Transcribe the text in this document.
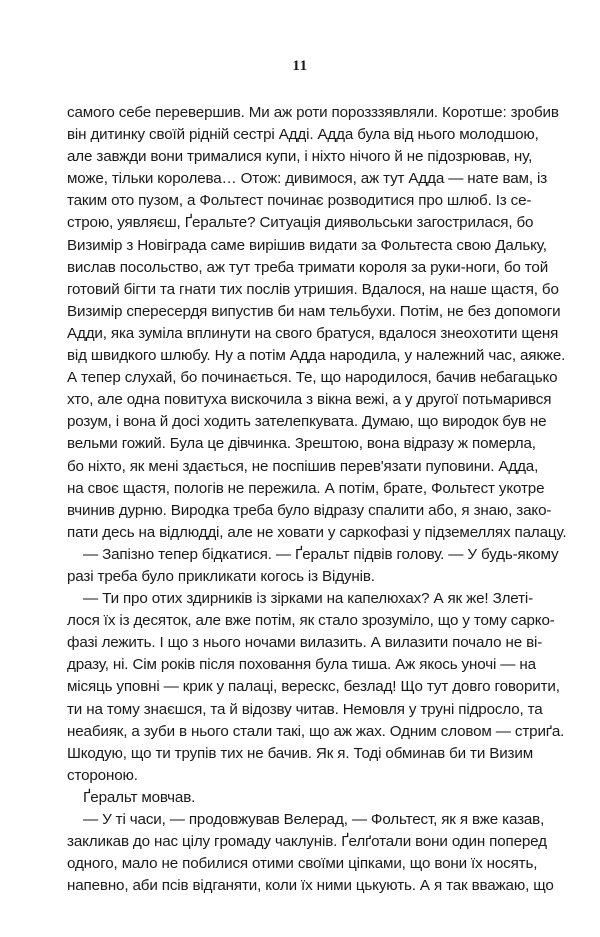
11
самого себе перевершив. Ми аж роти порозззявляли. Коротше: зробив
він дитинку своїй рідній сестрі Адді. Адда була від нього молодшою,
але завжди вони трималися купи, і ніхто нічого й не підозрював, ну,
може, тільки королева… Отож: дивимося, аж тут Адда — нате вам, із
таким ото пузом, а Фольтест починає розводитися про шлюб. Із се-
строю, уявляєш, Ґеральте? Ситуація диявольськи загострилася, бо
Визимір з Новіграда саме вирішив видати за Фольтеста свою Дальку,
вислав посольство, аж тут треба тримати короля за руки-ноги, бо той
готовий бігти та гнати тих послів утришия. Вдалося, на наше щастя, бо
Визимір спересердя випустив би нам тельбухи. Потім, не без допомоги
Адди, яка зуміла вплинути на свого братуся, вдалося знеохотити щеня
від швидкого шлюбу. Ну а потім Адда народила, у належний час, аякже.
А тепер слухай, бо починається. Те, що народилося, бачив небагацько
хто, але одна повитуха вискочила з вікна вежі, а у другої потьмарився
розум, і вона й досі ходить зателепкувата. Думаю, що виродок був не
вельми гожий. Була це дівчинка. Зрештою, вона відразу ж померла,
бо ніхто, як мені здається, не поспішив перев'язати пуповини. Адда,
на своє щастя, пологів не пережила. А потім, брате, Фольтест укотре
вчинив дурню. Виродка треба було відразу спалити або, я знаю, зако-
пати десь на відлюдді, але не ховати у саркофазі у підземеллях палацу.
— Запізно тепер бідкатися. — Ґеральт підвів голову. — У будь-якому
разі треба було прикликати когось із Відунів.
— Ти про отих здирників із зірками на капелюхах? А як же! Злеті-
лося їх із десяток, але вже потім, як стало зрозуміло, що у тому сарко-
фазі лежить. І що з нього ночами вилазить. А вилазити почало не ві-
дразу, ні. Сім років після поховання була тиша. Аж якось уночі — на
місяць уповні — крик у палаці, верескс, безлад! Що тут довго говорити,
ти на тому знаєшся, та й відозву читав. Немовля у труні підросло, та
неабияк, а зуби в нього стали такі, що аж жах. Одним словом — стриґа.
Шкодую, що ти трупів тих не бачив. Як я. Тоді обминав би ти Визим
стороною.
Ґеральт мовчав.
— У ті часи, — продовжував Велерад, — Фольтест, як я вже казав,
закликав до нас цілу громаду чаклунів. Ґелґотали вони один поперед
одного, мало не побилися отими своїми ціпками, що вони їх носять,
напевно, аби псів відганяти, коли їх ними цькують. А я так вважаю, що
